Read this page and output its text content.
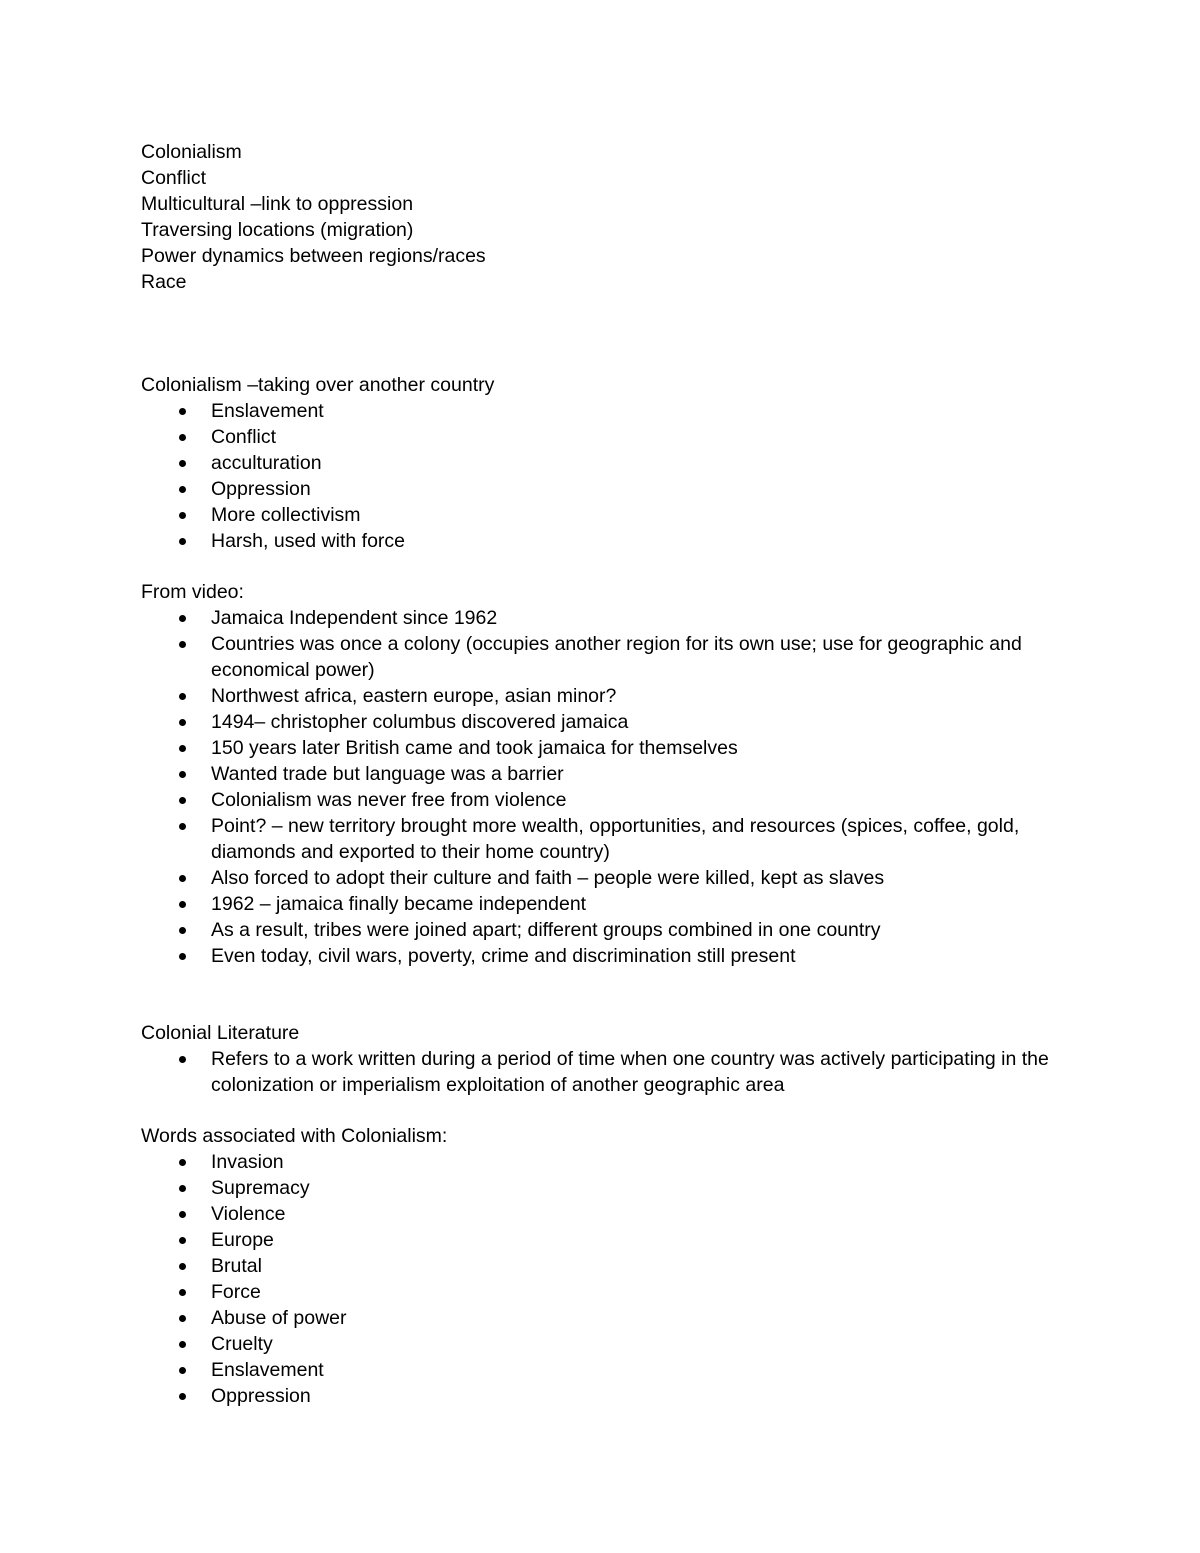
Colonialism

Conflict

Multicultural –link to oppression

Traversing locations (migration)

Power dynamics between regions/races

Race

Colonialism –taking over another country

Enslavement
Conflict
acculturation
Oppression
More collectivism
Harsh, used with force

From video:

Jamaica Independent since 1962
Countries was once a colony (occupies another region for its own use; use for geographic and economical power)
Northwest africa, eastern europe, asian minor?
1494– christopher columbus discovered jamaica
150 years later British came and took jamaica for themselves
Wanted trade but language was a barrier
Colonialism was never free from violence
Point? – new territory brought more wealth, opportunities, and resources (spices, coffee, gold, diamonds and exported to their home country)
Also forced to adopt their culture and faith – people were killed, kept as slaves
1962 – jamaica finally became independent
As a result, tribes were joined apart; different groups combined in one country
Even today, civil wars, poverty, crime and discrimination still present

Colonial Literature

Refers to a work written during a period of time when one country was actively participating in the colonization or imperialism exploitation of another geographic area

Words associated with Colonialism:

Invasion
Supremacy
Violence
Europe
Brutal
Force
Abuse of power
Cruelty
Enslavement
Oppression
